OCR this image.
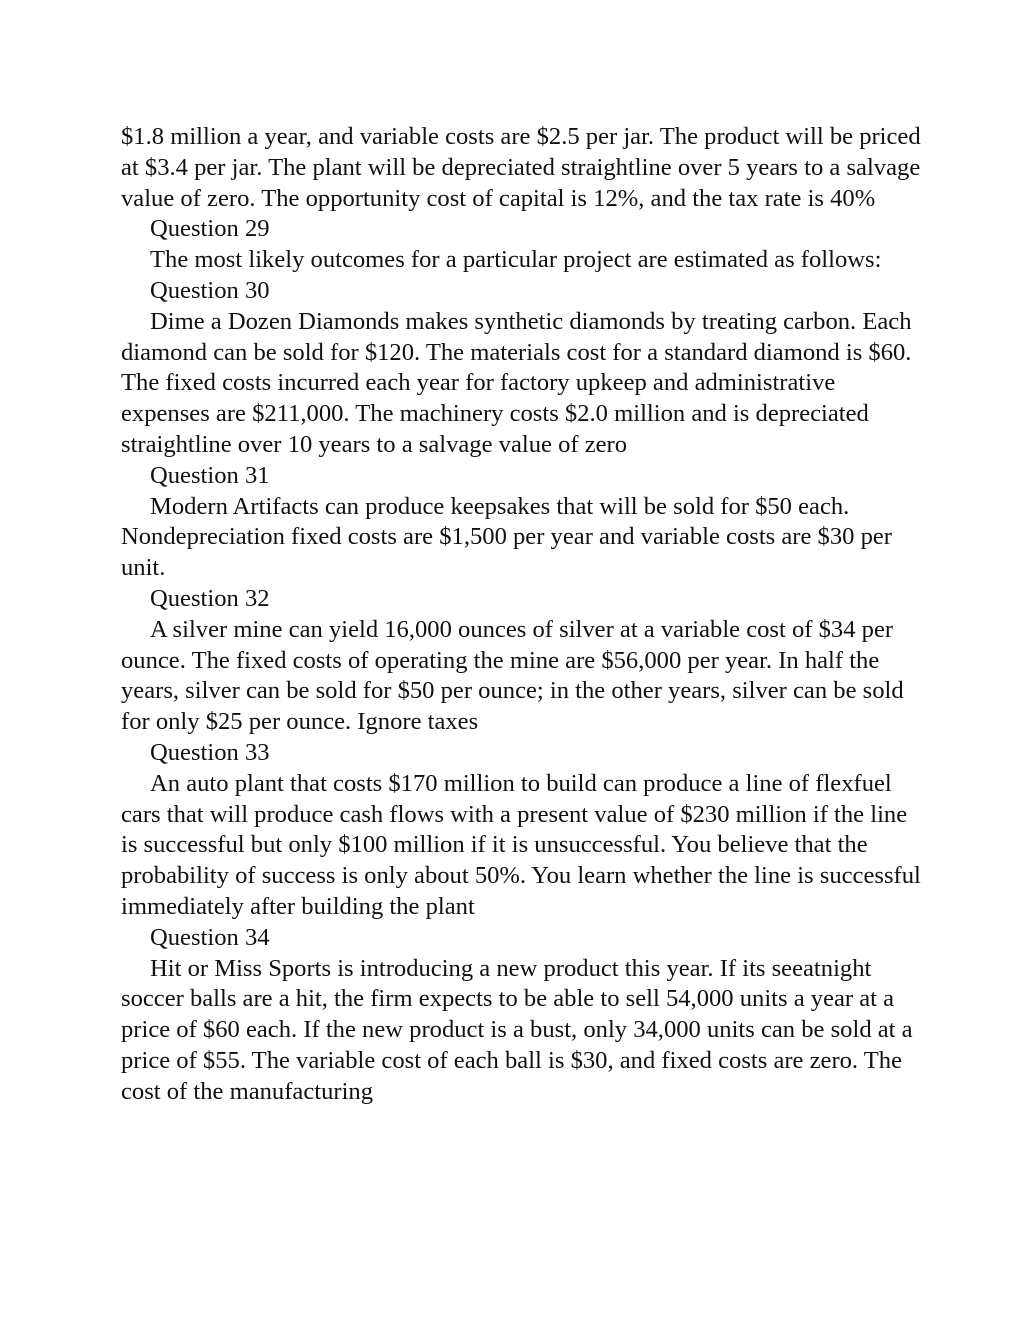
$1.8 million a year, and variable costs are $2.5 per jar. The product will be priced at $3.4 per jar. The plant will be depreciated straightline over 5 years to a salvage value of zero. The opportunity cost of capital is 12%, and the tax rate is 40%

Question 29

The most likely outcomes for a particular project are estimated as follows:

Question 30

Dime a Dozen Diamonds makes synthetic diamonds by treating carbon. Each diamond can be sold for $120. The materials cost for a standard diamond is $60. The fixed costs incurred each year for factory upkeep and administrative expenses are $211,000. The machinery costs $2.0 million and is depreciated straightline over 10 years to a salvage value of zero

Question 31

Modern Artifacts can produce keepsakes that will be sold for $50 each. Nondepreciation fixed costs are $1,500 per year and variable costs are $30 per unit.

Question 32

A silver mine can yield 16,000 ounces of silver at a variable cost of $34 per ounce. The fixed costs of operating the mine are $56,000 per year. In half the years, silver can be sold for $50 per ounce; in the other years, silver can be sold for only $25 per ounce. Ignore taxes

Question 33

An auto plant that costs $170 million to build can produce a line of flexfuel cars that will produce cash flows with a present value of $230 million if the line is successful but only $100 million if it is unsuccessful. You believe that the probability of success is only about 50%. You learn whether the line is successful immediately after building the plant

Question 34

Hit or Miss Sports is introducing a new product this year. If its seeatnight soccer balls are a hit, the firm expects to be able to sell 54,000 units a year at a price of $60 each. If the new product is a bust, only 34,000 units can be sold at a price of $55. The variable cost of each ball is $30, and fixed costs are zero. The cost of the manufacturing
